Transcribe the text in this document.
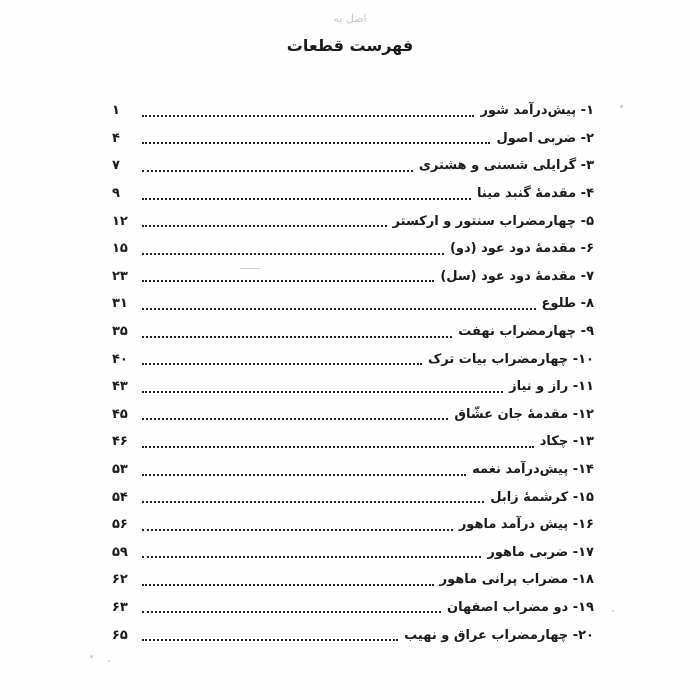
اصل به
فهرست قطعات
۱- پیش‌درآمد شور
۱
۲- ضربی اصول
۴
۳- گرایلی شسنی و هشتری
۷
۴- مقدمهٔ گنبد مینا
۹
۵- چهارمضراب سنتور و ارکستر
۱۲
۶- مقدمهٔ دود عود (دو)
۱۵
۷- مقدمهٔ دود عود (سل)
۲۳
۸- طلوع
۳۱
۹- چهارمضراب نهفت
۳۵
۱۰- چهارمضراب بیات ترک
۴۰
۱۱- راز و نیاز
۴۳
۱۲- مقدمهٔ جان عشّاق
۴۵
۱۳- چکاد
۴۶
۱۴- پیش‌درآمد نغمه
۵۳
۱۵- کرشمهٔ زابل
۵۴
۱۶- پیش درآمد ماهور
۵۶
۱۷- ضربی ماهور
۵۹
۱۸- مضراب پرانی ماهور
۶۲
۱۹- دو مضراب اصفهان
۶۳
۲۰- چهارمضراب عراق و نهیب
۶۵
